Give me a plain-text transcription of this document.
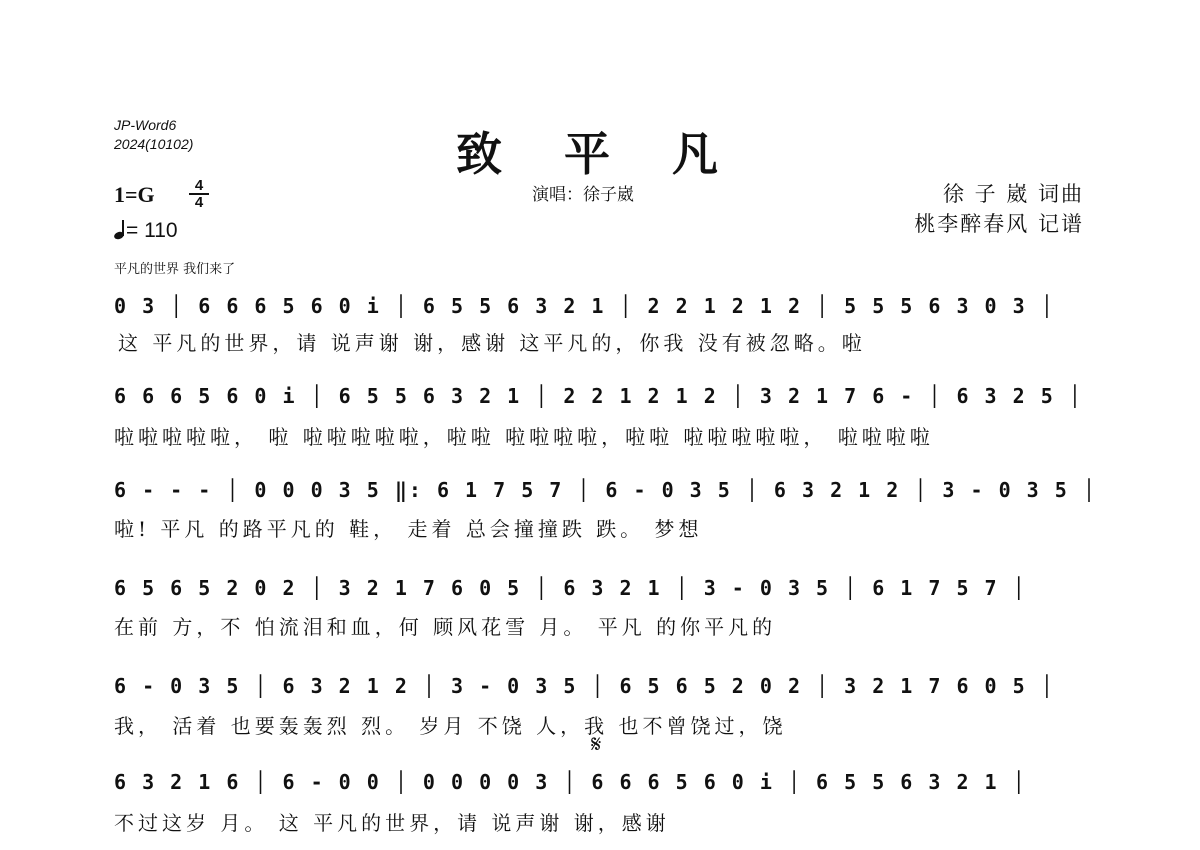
JP-Word6
2024(10102)	致平凡
演唱：徐子崴	徐 子 崴 词曲
桃李醉春风 记谱
$1=G \frac{4}{4}$
= 110
平凡的世界 我们来了
0 3 │ 6 6 6 5 6 0 i │ 6 5 5 6 3 2 1 │ 2 2 1 2 1 2 │ 5 5 5 6 3 0 3 │
这 平凡的世界，请 说声谢 谢，感谢 这平凡的，你我 没有被忽略。啦
6 6 6 5 6 0 i │ 6 5 5 6 3 2 1 │ 2 2 1 2 1 2 │ 3 2 1 7 6 - │ 6 3 2 5 │
啦啦啦啦啦， 啦 啦啦啦啦啦，啦啦 啦啦啦啦，啦啦 啦啦啦啦啦， 啦啦啦啦
6 - - - │ 0 0 0 3 5 ‖: 6 1 7 5 7 │ 6 - 0 3 5 │ 6 3 2 1 2 │ 3 - 0 3 5 │
啦! 平凡 的路平凡的 鞋， 走着 总会撞撞跌 跌。 梦想
6 5 6 5 2 0 2 │ 3 2 1 7 6 0 5 │ 6 3 2 1 │ 3 - 0 3 5 │ 6 1 7 5 7 │
在前 方，不 怕流泪和血，何 顾风花雪 月。 平凡 的你平凡的
6 - 0 3 5 │ 6 3 2 1 2 │ 3 - 0 3 5 │ 6 5 6 5 2 0 2 │ 3 2 1 7 6 0 5 │
我， 活着 也要轰轰烈 烈。 岁月 不饶 人，我 也不曾饶过，饶
𝄋
6 3 2 1 6 │ 6 - 0 0 │ 0 0 0 0 3 │ 6 6 6 5 6 0 i │ 6 5 5 6 3 2 1 │
不过这岁 月。 这 平凡的世界，请 说声谢 谢，感谢
